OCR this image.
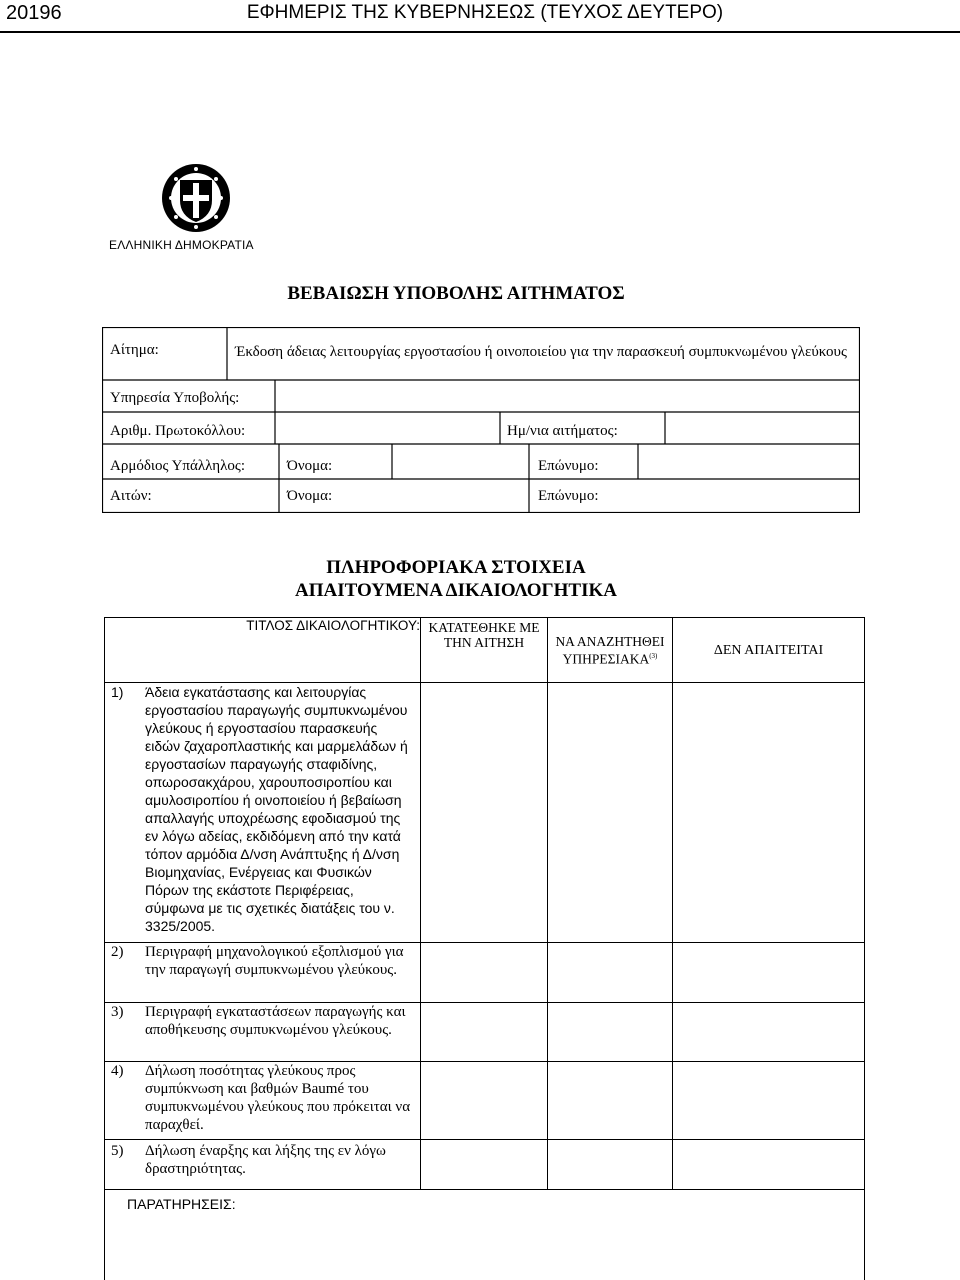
20196	ΕΦΗΜΕΡΙΣ ΤΗΣ ΚΥΒΕΡΝΗΣΕΩΣ (ΤΕΥΧΟΣ ΔΕΥΤΕΡΟ)
ΕΛΛΗΝΙΚΗ ΔΗΜΟΚΡΑΤΙΑ
ΒΕΒΑΙΩΣΗ ΥΠΟΒΟΛΗΣ ΑΙΤΗΜΑΤΟΣ
Αίτημα:	Έκδοση άδειας λειτουργίας εργοστασίου ή οινοποιείου για την παρασκευή συμπυκνωμένου γλεύκους
Υπηρεσία Υποβολής:
Αριθμ. Πρωτοκόλλου:	Ημ/νια αιτήματος:
Αρμόδιος Υπάλληλος:	Όνομα:	Επώνυμο:
Αιτών:	Όνομα:	Επώνυμο:
ΠΛΗΡΟΦΟΡΙΑΚΑ ΣΤΟΙΧΕΙΑ
ΑΠΑΙΤΟΥΜΕΝΑ ΔΙΚΑΙΟΛΟΓΗΤΙΚΑ
ΤΙΤΛΟΣ ΔΙΚΑΙΟΛΟΓΗΤΙΚΟΥ:	ΚΑΤΑΤΕΘΗΚΕ ΜΕ ΤΗΝ ΑΙΤΗΣΗ	ΝΑ ΑΝΑΖΗΤΗΘΕΙ ΥΠΗΡΕΣΙΑΚΑ$^{(3)}$	ΔΕΝ ΑΠΑΙΤΕΙΤΑΙ

1) Άδεια εγκατάστασης και λειτουργίας εργοστασίου παραγωγής συμπυκνωμένου γλεύκους ή εργοστασίου παρασκευής ειδών ζαχαροπλαστικής και μαρμελάδων ή εργοστασίων παραγωγής σταφιδίνης, οπωροσακχάρου, χαρουποσιροπίου και αμυλοσιροπίου ή οινοποιείου ή βεβαίωση απαλλαγής υποχρέωσης εφοδιασμού της εν λόγω αδείας, εκδιδόμενη από την κατά τόπον αρμόδια Δ/νση Ανάπτυξης ή Δ/νση Βιομηχανίας, Ενέργειας και Φυσικών Πόρων της εκάστοτε Περιφέρειας, σύμφωνα με τις σχετικές διατάξεις του ν. 3325/2005.			

2) Περιγραφή μηχανολογικού εξοπλισμού για την παραγωγή συμπυκνωμένου γλεύκους.			

3) Περιγραφή εγκαταστάσεων παραγωγής και αποθήκευσης συμπυκνωμένου γλεύκους.			

4) Δήλωση ποσότητας γλεύκους προς συμπύκνωση και βαθμών Baumé του συμπυκνωμένου γλεύκους που πρόκειται να παραχθεί.			

5) Δήλωση έναρξης και λήξης της εν λόγω δραστηριότητας.			

ΠΑΡΑΤΗΡΗΣΕΙΣ:			
